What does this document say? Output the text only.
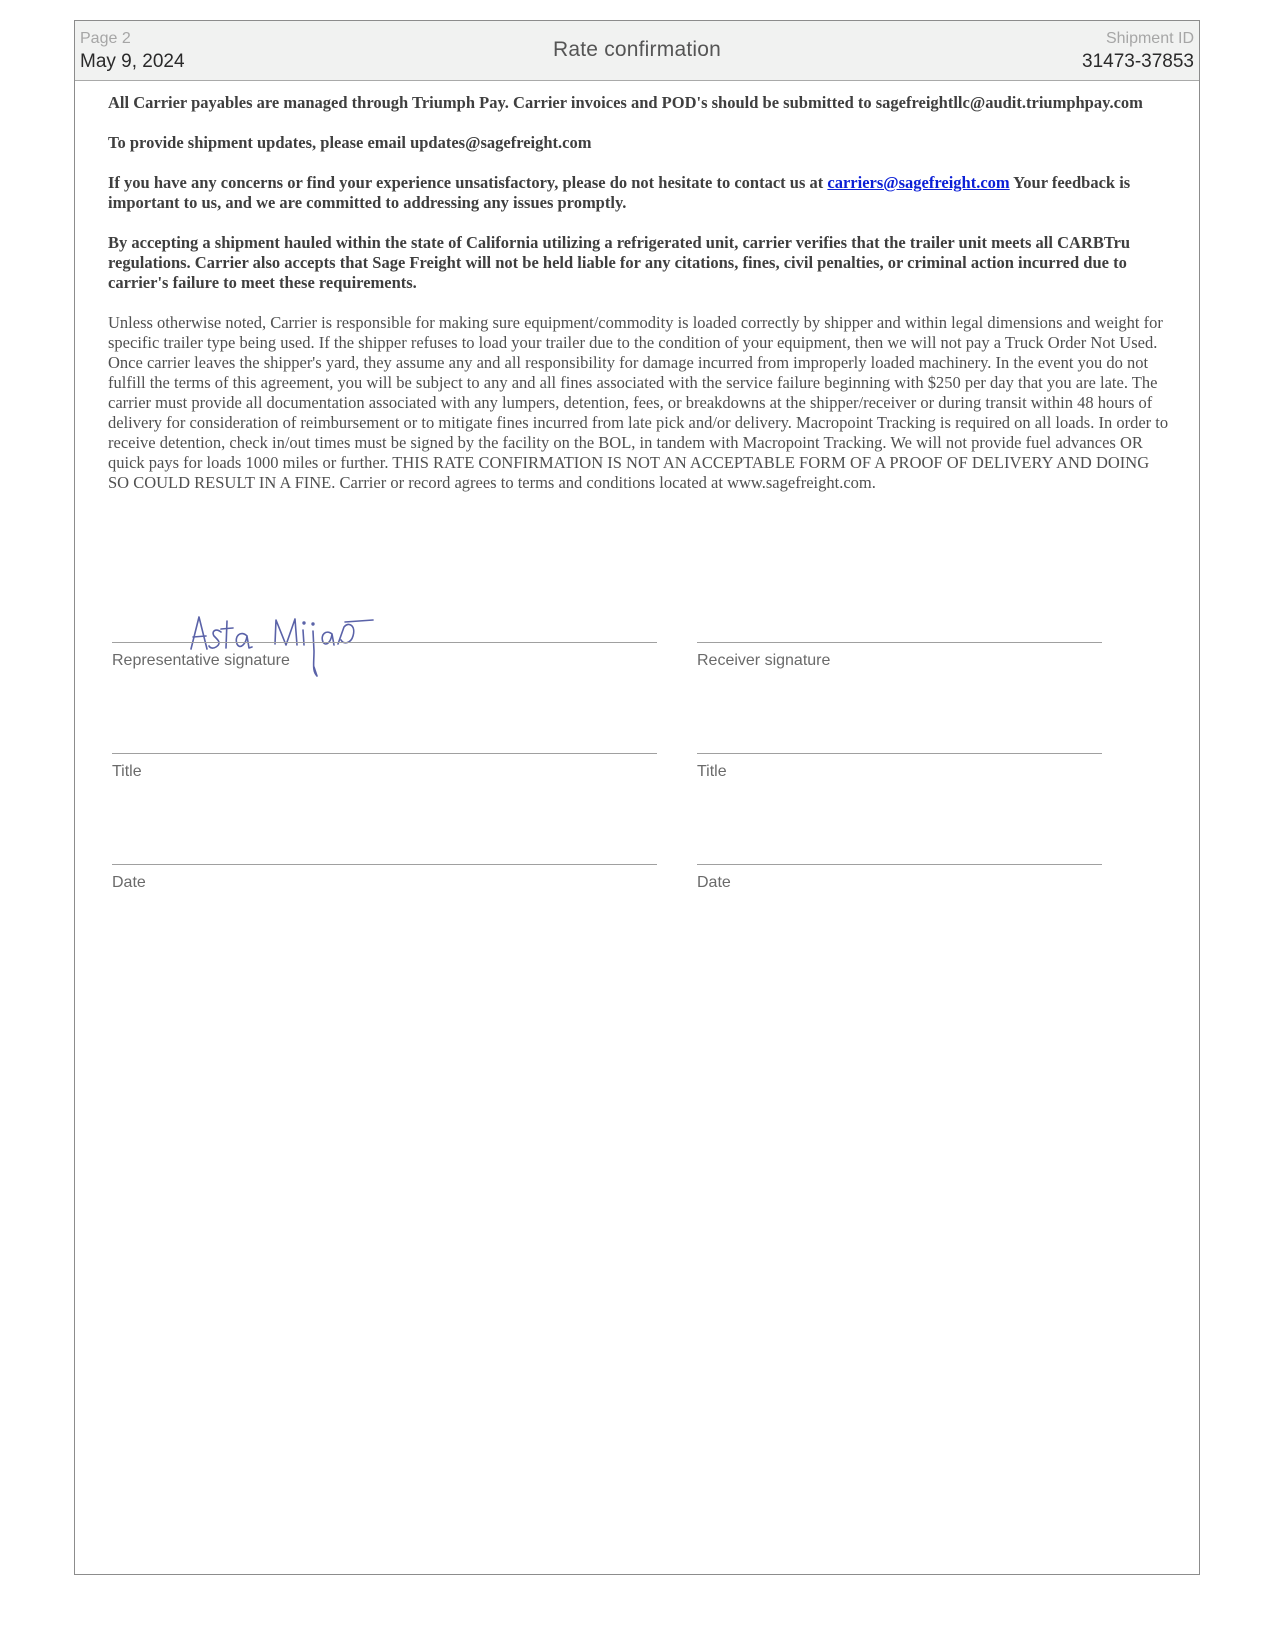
Page 2
May 9, 2024
Rate confirmation	Shipment ID
31473-37853

All Carrier payables are managed through Triumph Pay. Carrier invoices and POD's should be submitted to sagefreightllc@audit.triumphpay.com

To provide shipment updates, please email updates@sagefreight.com

If you have any concerns or find your experience unsatisfactory, please do not hesitate to contact us at carriers@sagefreight.com Your feedback is important to us, and we are committed to addressing any issues promptly.

By accepting a shipment hauled within the state of California utilizing a refrigerated unit, carrier verifies that the trailer unit meets all CARBTru regulations. Carrier also accepts that Sage Freight will not be held liable for any citations, fines, civil penalties, or criminal action incurred due to carrier's failure to meet these requirements.

Unless otherwise noted, Carrier is responsible for making sure equipment/commodity is loaded correctly by shipper and within legal dimensions and weight for specific trailer type being used. If the shipper refuses to load your trailer due to the condition of your equipment, then we will not pay a Truck Order Not Used. Once carrier leaves the shipper's yard, they assume any and all responsibility for damage incurred from improperly loaded machinery. In the event you do not fulfill the terms of this agreement, you will be subject to any and all fines associated with the service failure beginning with $250 per day that you are late. The carrier must provide all documentation associated with any lumpers, detention, fees, or breakdowns at the shipper/receiver or during transit within 48 hours of delivery for consideration of reimbursement or to mitigate fines incurred from late pick and/or delivery. Macropoint Tracking is required on all loads. In order to receive detention, check in/out times must be signed by the facility on the BOL, in tandem with Macropoint Tracking. We will not provide fuel advances OR quick pays for loads 1000 miles or further. THIS RATE CONFIRMATION IS NOT AN ACCEPTABLE FORM OF A PROOF OF DELIVERY AND DOING SO COULD RESULT IN A FINE. Carrier or record agrees to terms and conditions located at www.sagefreight.com.

Representative signature	Receiver signature
Title	Title
Date	Date
